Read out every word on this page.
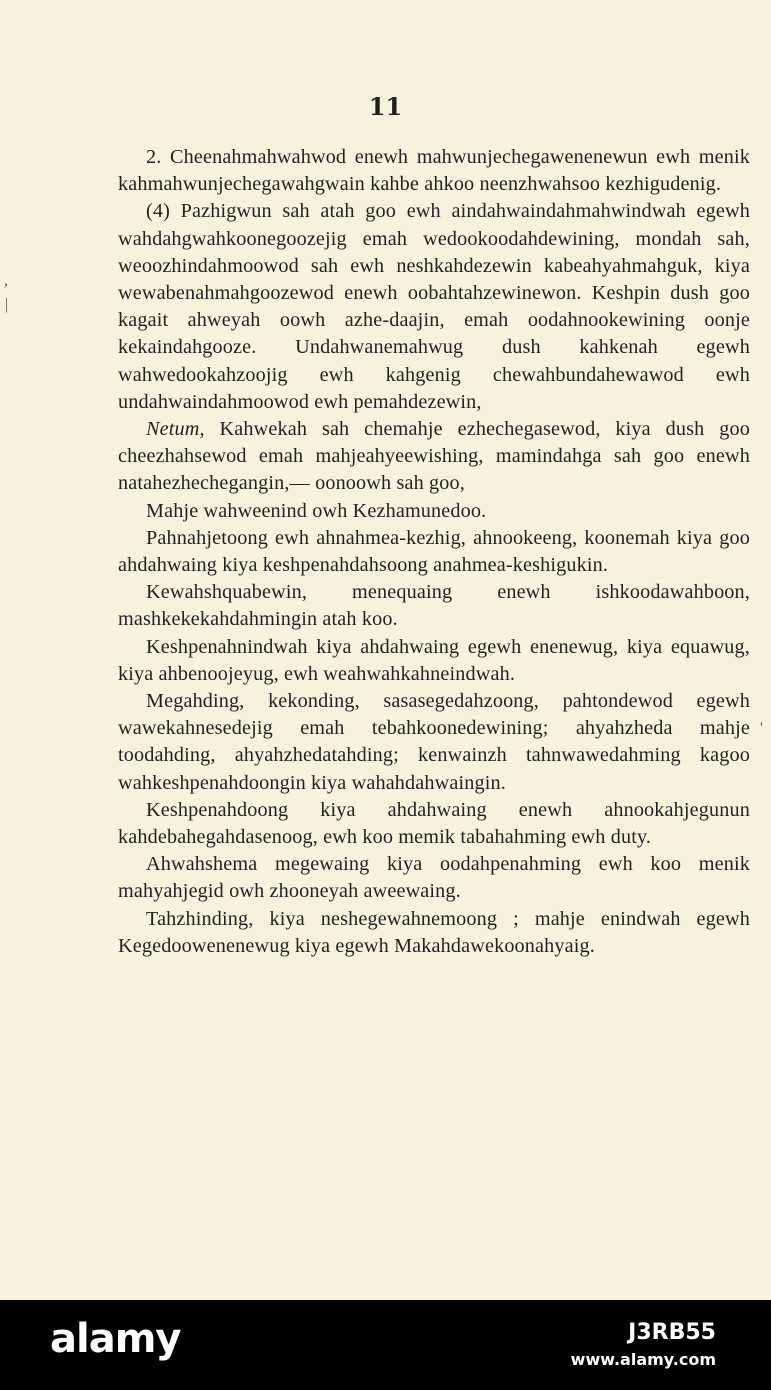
11
,
|
'

2. Cheenahmahwahwod enewh mahwunjechegawenenewun ewh menik kahmahwunjechegawahgwain kahbe ahkoo neenzhwahsoo kezhigudenig.

(4) Pazhigwun sah atah goo ewh aindahwaindahmahwindwah egewh wahdahgwahkoonegoozejig emah wedookoodahdewining, mondah sah, weoozhindahmoowod sah ewh neshkahdezewin kabeahyahmahguk, kiya wewabenahmahgoozewod enewh oobahtahzewinewon. Keshpin dush goo kagait ahweyah oowh azhe-daajin, emah oodahnookewining oonje kekaindahgooze. Undahwanemahwug dush kahkenah egewh wahwedookahzoojig ewh kahgenig chewahbundahewawod ewh undahwaindahmoowod ewh pemahdezewin,

Netum, Kahwekah sah chemahje ezhechegasewod, kiya dush goo cheezhahsewod emah mahjeahyeewishing, mamindahga sah goo enewh natahezhechegangin,— oonoowh sah goo,

Mahje wahweenind owh Kezhamunedoo.

Pahnahjetoong ewh ahnahmea-kezhig, ahnookeeng, koonemah kiya goo ahdahwaing kiya keshpenahdahsoong anahmea-keshigukin.

Kewahshquabewin, menequaing enewh ishkoodawahboon, mashkekekahdahmingin atah koo.

Keshpenahnindwah kiya ahdahwaing egewh enenewug, kiya equawug, kiya ahbenoojeyug, ewh weahwahkahneindwah.

Megahding, kekonding, sasasegedahzoong, pahtondewod egewh wawekahnesedejig emah tebahkoonedewining; ahyahzheda mahje toodahding, ahyahzhedatahding; kenwainzh tahnwawedahming kagoo wahkeshpenahdoongin kiya wahahdahwaingin.

Keshpenahdoong kiya ahdahwaing enewh ahnookahjegunun kahdebahegahdasenoog, ewh koo memik tabahahming ewh duty.

Ahwahshema megewaing kiya oodahpenahming ewh koo menik mahyahjegid owh zhooneyah aweewaing.

Tahzhinding, kiya neshegewahnemoong ; mahje enindwah egewh Kegedoowenenewug kiya egewh Makahdawekoonahyaig.

alamy	J3RB55
www.alamy.com
